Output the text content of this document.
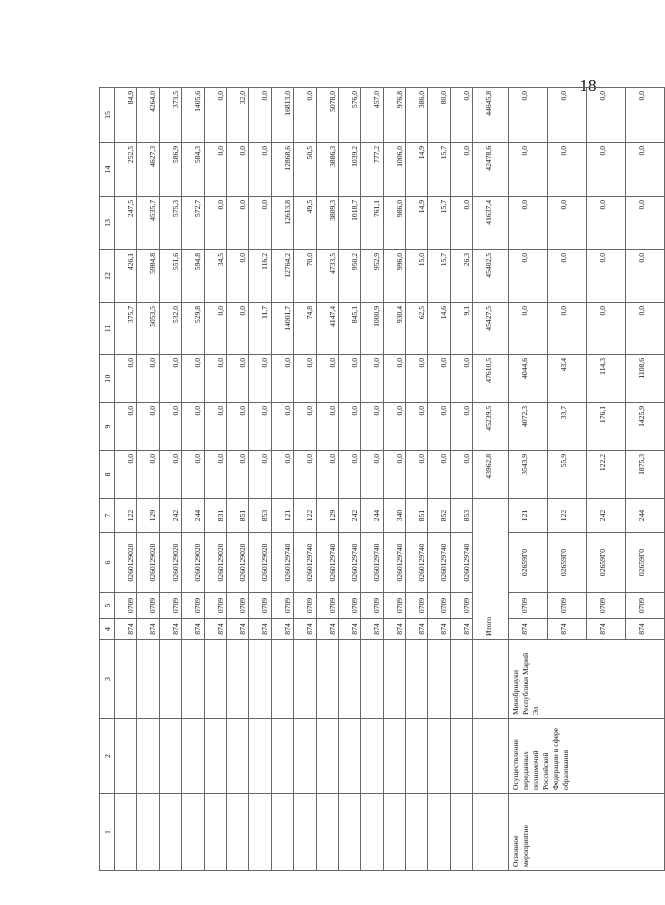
18
1	2	3	4	5	6	7	8	9	10	11	12	13	14	15
			874	0709	0260129020	122	0,0	0,0	0,0	375,7	426,1	247,5	252,5	84,9
			874	0709	0260129020	129	0,0	0,0	0,0	5053,5	5984,8	4535,7	4627,3	4264,0
			874	0709	0260129020	242	0,0	0,0	0,0	532,0	551,6	575,3	586,9	373,5
			874	0709	0260129020	244	0,0	0,0	0,0	529,8	594,8	572,7	584,3	1405,6
			874	0709	0260129020	831	0,0	0,0	0,0	0,0	34,5	0,0	0,0	0,0
			874	0709	0260129020	851	0,0	0,0	0,0	0,0	0,0	0,0	0,0	32,0
			874	0709	0260129020	853	0,0	0,0	0,0	11,7	116,2	0,0	0,0	0,0
			874	0709	0260129740	121	0,0	0,0	0,0	14001,7	12764,2	12613,8	12868,6	16813,0
			874	0709	0260129740	122	0,0	0,0	0,0	74,8	70,0	49,5	50,5	0,0
			874	0709	0260129740	129	0,0	0,0	0,0	4147,4	4733,5	3809,3	3886,3	5078,0
			874	0709	0260129740	242	0,0	0,0	0,0	845,1	950,2	1018,7	1039,2	576,0
			874	0709	0260129740	244	0,0	0,0	0,0	1000,9	952,9	761,1	777,2	457,0
			874	0709	0260129740	340	0,0	0,0	0,0	930,4	996,0	986,0	1006,0	976,8
			874	0709	0260129740	851	0,0	0,0	0,0	62,5	15,0	14,9	14,9	386,0
			874	0709	0260129740	852	0,0	0,0	0,0	14,6	15,7	15,7	15,7	80,0
			874	0709	0260129740	853	0,0	0,0	0,0	9,1	26,3	0,0	0,0	0,0
			Итого				43962,8	45239,5	47610,5	45427,5	45402,5	41637,4	42478,6	44645,8
Основное мероприятие	Осуществление переданных полномочий Российской Федерации в сфере образования	Минобрнауки Республики Марий Эл	874	0709	02659Г0	121	3543,9	4072,3	4044,6	0,0	0,0	0,0	0,0	0,0
			874	0709	02659Г0	122	55,9	33,7	43,4	0,0	0,0	0,0	0,0	0,0
			874	0709	02659Г0	242	122,2	176,1	114,3	0,0	0,0	0,0	0,0	0,0
			874	0709	02659Г0	244	1875,3	1425,9	1108,6	0,0	0,0	0,0	0,0	0,0
